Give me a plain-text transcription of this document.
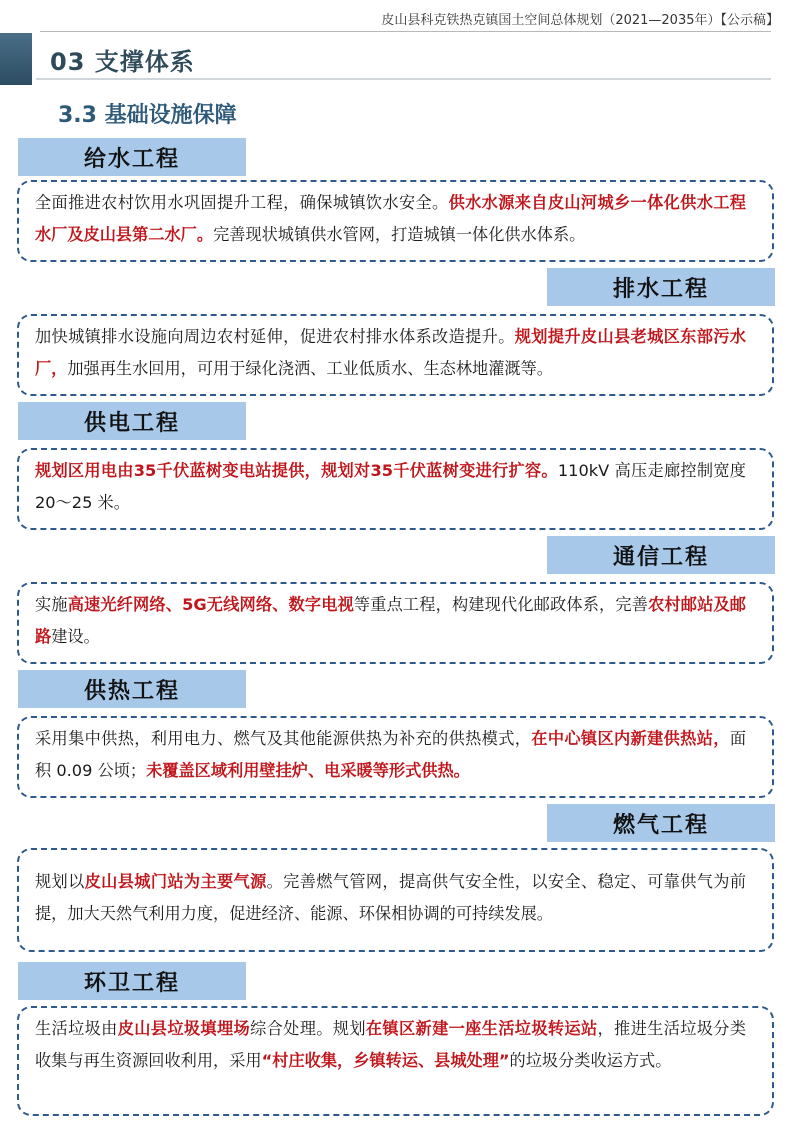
皮山县科克铁热克镇国土空间总体规划（2021—2035年）【公示稿】
03 支撑体系
3.3 基础设施保障
给水工程
全面推进农村饮用水巩固提升工程，确保城镇饮水安全。供水水源来自皮山河城乡一体化供水工程水厂及皮山县第二水厂。完善现状城镇供水管网，打造城镇一体化供水体系。
排水工程
加快城镇排水设施向周边农村延伸，促进农村排水体系改造提升。规划提升皮山县老城区东部污水厂，加强再生水回用，可用于绿化浇洒、工业低质水、生态林地灌溉等。
供电工程
规划区用电由35千伏蓝树变电站提供，规划对35千伏蓝树变进行扩容。110kV 高压走廊控制宽度 20～25 米。
通信工程
实施高速光纤网络、5G无线网络、数字电视等重点工程，构建现代化邮政体系，完善农村邮站及邮路建设。
供热工程
采用集中供热，利用电力、燃气及其他能源供热为补充的供热模式，在中心镇区内新建供热站，面积 0.09 公顷；未覆盖区域利用壁挂炉、电采暖等形式供热。
燃气工程
规划以皮山县城门站为主要气源。完善燃气管网，提高供气安全性，以安全、稳定、可靠供气为前提，加大天然气利用力度，促进经济、能源、环保相协调的可持续发展。
环卫工程
生活垃圾由皮山县垃圾填埋场综合处理。规划在镇区新建一座生活垃圾转运站，推进生活垃圾分类收集与再生资源回收利用，采用“村庄收集，乡镇转运、县城处理”的垃圾分类收运方式。
